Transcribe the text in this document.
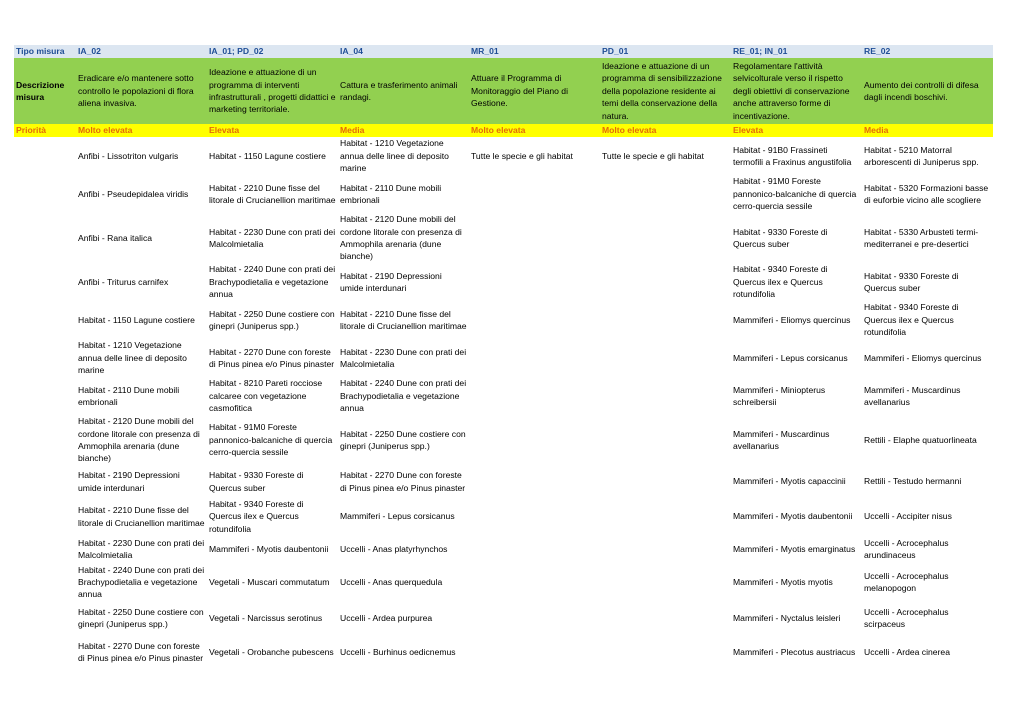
Tipo misura	IA_02	IA_01; PD_02	IA_04	MR_01	PD_01	RE_01; IN_01	RE_02
Descrizione misura	Eradicare e/o mantenere sotto controllo le popolazioni di flora aliena invasiva.	Ideazione e attuazione di un programma di interventi infrastrutturali , progetti didattici e marketing territoriale.	Cattura e trasferimento animali randagi.	Attuare il Programma di Monitoraggio del Piano di Gestione.	Ideazione e attuazione di un programma di sensibilizzazione della popolazione residente ai temi della conservazione della natura.	Regolamentare l'attività selvicolturale verso il rispetto degli obiettivi di conservazione anche attraverso forme di incentivazione.	Aumento dei controlli di difesa dagli incendi boschivi.
Priorità	Molto elevata	Elevata	Media	Molto elevata	Molto elevata	Elevata	Media
	Anfibi - Lissotriton vulgaris	Habitat - 1150 Lagune costiere	Habitat - 1210 Vegetazione annua delle linee di deposito marine	Tutte le specie e gli habitat	Tutte le specie e gli habitat	Habitat - 91B0 Frassineti termofili a Fraxinus angustifolia	Habitat - 5210 Matorral arborescenti di Juniperus spp.
	Anfibi - Pseudepidalea viridis	Habitat - 2210 Dune fisse del litorale di Crucianellion maritimae	Habitat - 2110 Dune mobili embrionali			Habitat - 91M0 Foreste pannonico-balcaniche di quercia cerro-quercia sessile	Habitat - 5320 Formazioni basse di euforbie vicino alle scogliere
	Anfibi - Rana italica	Habitat - 2230 Dune con prati dei Malcolmietalia	Habitat - 2120 Dune mobili del cordone litorale con presenza di Ammophila arenaria (dune bianche)			Habitat - 9330 Foreste di Quercus suber	Habitat - 5330 Arbusteti termi-mediterranei e pre-desertici
	Anfibi - Triturus carnifex	Habitat - 2240 Dune con prati dei Brachypodietalia e vegetazione annua	Habitat - 2190 Depressioni umide interdunari			Habitat - 9340 Foreste di Quercus ilex e Quercus rotundifolia	Habitat - 9330 Foreste di Quercus suber
	Habitat - 1150 Lagune costiere	Habitat - 2250 Dune costiere con ginepri (Juniperus spp.)	Habitat - 2210 Dune fisse del litorale di Crucianellion maritimae			Mammiferi - Eliomys quercinus	Habitat - 9340 Foreste di Quercus ilex e Quercus rotundifolia
	Habitat - 1210 Vegetazione annua delle linee di deposito marine	Habitat - 2270 Dune con foreste di Pinus pinea e/o Pinus pinaster	Habitat - 2230 Dune con prati dei Malcolmietalia			Mammiferi - Lepus corsicanus	Mammiferi - Eliomys quercinus
	Habitat - 2110 Dune mobili embrionali	Habitat - 8210 Pareti rocciose calcaree con vegetazione casmofitica	Habitat - 2240 Dune con prati dei Brachypodietalia e vegetazione annua			Mammiferi - Miniopterus schreibersii	Mammiferi - Muscardinus avellanarius
	Habitat - 2120 Dune mobili del cordone litorale con presenza di Ammophila arenaria (dune bianche)	Habitat - 91M0 Foreste pannonico-balcaniche di quercia cerro-quercia sessile	Habitat - 2250 Dune costiere con ginepri (Juniperus spp.)			Mammiferi - Muscardinus avellanarius	Rettili - Elaphe quatuorlineata
	Habitat - 2190 Depressioni umide interdunari	Habitat - 9330 Foreste di Quercus suber	Habitat - 2270 Dune con foreste di Pinus pinea e/o Pinus pinaster			Mammiferi - Myotis capaccinii	Rettili - Testudo hermanni
	Habitat - 2210 Dune fisse del litorale di Crucianellion maritimae	Habitat - 9340 Foreste di Quercus ilex e Quercus rotundifolia	Mammiferi - Lepus corsicanus			Mammiferi - Myotis daubentonii	Uccelli - Accipiter nisus
	Habitat - 2230 Dune con prati dei Malcolmietalia	Mammiferi - Myotis daubentonii	Uccelli - Anas platyrhynchos			Mammiferi - Myotis emarginatus	Uccelli - Acrocephalus arundinaceus
	Habitat - 2240 Dune con prati dei Brachypodietalia e vegetazione annua	Vegetali - Muscari commutatum	Uccelli - Anas querquedula			Mammiferi - Myotis myotis	Uccelli - Acrocephalus melanopogon
	Habitat - 2250 Dune costiere con ginepri (Juniperus spp.)	Vegetali - Narcissus serotinus	Uccelli - Ardea purpurea			Mammiferi - Nyctalus leisleri	Uccelli - Acrocephalus scirpaceus
	Habitat - 2270 Dune con foreste di Pinus pinea e/o Pinus pinaster	Vegetali - Orobanche pubescens	Uccelli - Burhinus oedicnemus			Mammiferi - Plecotus austriacus	Uccelli - Ardea cinerea
